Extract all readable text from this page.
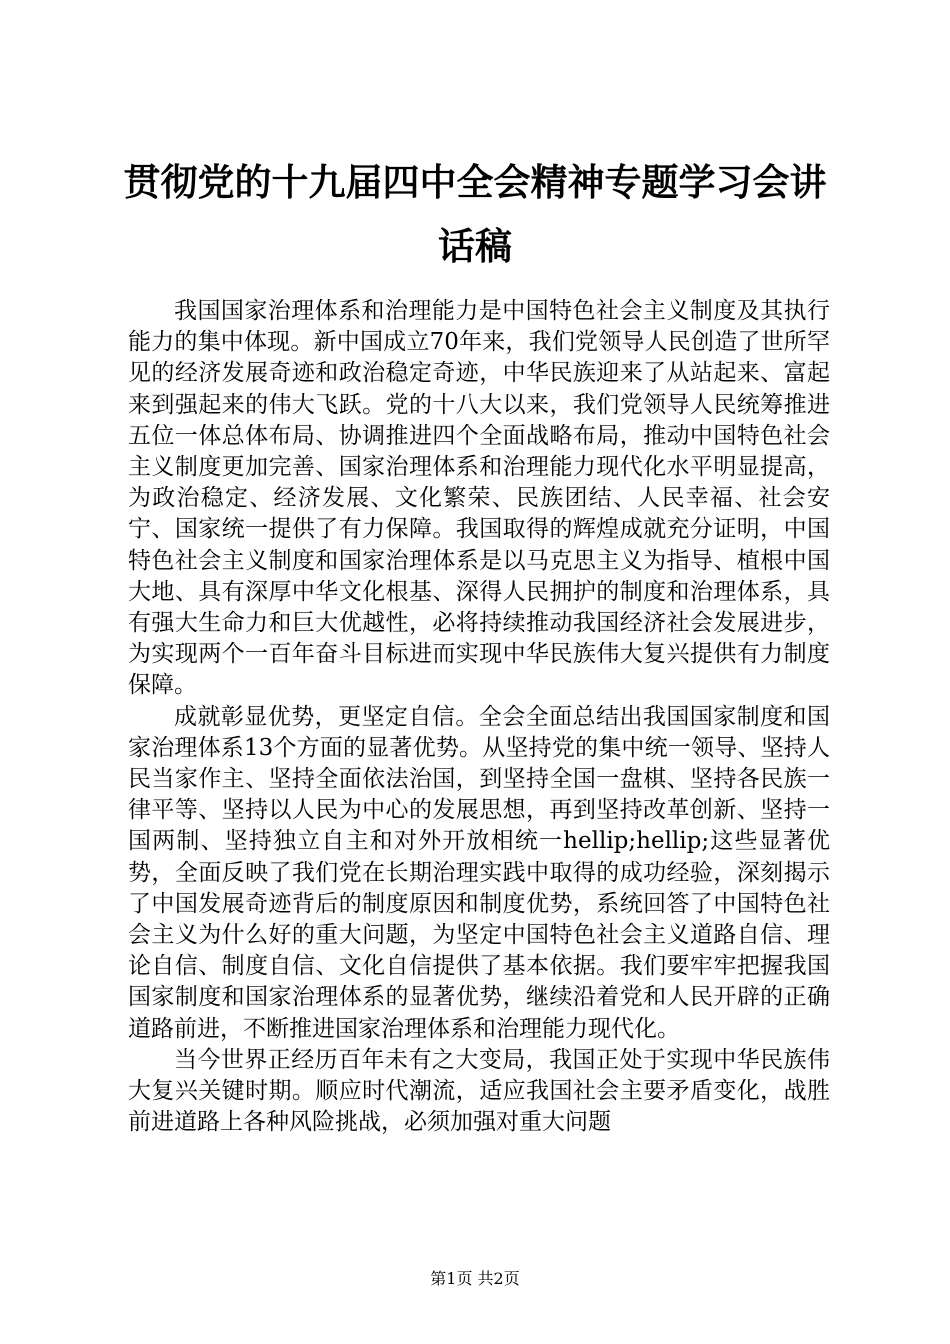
贯彻党的十九届四中全会精神专题学习会讲话稿

我国国家治理体系和治理能力是中国特色社会主义制度及其执行能力的集中体现。新中国成立70年来，我们党领导人民创造了世所罕见的经济发展奇迹和政治稳定奇迹，中华民族迎来了从站起来、富起来到强起来的伟大飞跃。党的十八大以来，我们党领导人民统筹推进五位一体总体布局、协调推进四个全面战略布局，推动中国特色社会主义制度更加完善、国家治理体系和治理能力现代化水平明显提高，为政治稳定、经济发展、文化繁荣、民族团结、人民幸福、社会安宁、国家统一提供了有力保障。我国取得的辉煌成就充分证明，中国特色社会主义制度和国家治理体系是以马克思主义为指导、植根中国大地、具有深厚中华文化根基、深得人民拥护的制度和治理体系，具有强大生命力和巨大优越性，必将持续推动我国经济社会发展进步，为实现两个一百年奋斗目标进而实现中华民族伟大复兴提供有力制度保障。

成就彰显优势，更坚定自信。全会全面总结出我国国家制度和国家治理体系13个方面的显著优势。从坚持党的集中统一领导、坚持人民当家作主、坚持全面依法治国，到坚持全国一盘棋、坚持各民族一律平等、坚持以人民为中心的发展思想，再到坚持改革创新、坚持一国两制、坚持独立自主和对外开放相统一hellip;hellip;这些显著优势，全面反映了我们党在长期治理实践中取得的成功经验，深刻揭示了中国发展奇迹背后的制度原因和制度优势，系统回答了中国特色社会主义为什么好的重大问题，为坚定中国特色社会主义道路自信、理论自信、制度自信、文化自信提供了基本依据。我们要牢牢把握我国国家制度和国家治理体系的显著优势，继续沿着党和人民开辟的正确道路前进，不断推进国家治理体系和治理能力现代化。

当今世界正经历百年未有之大变局，我国正处于实现中华民族伟大复兴关键时期。顺应时代潮流，适应我国社会主要矛盾变化，战胜前进道路上各种风险挑战，必须加强对重大问题

第1页 共2页
